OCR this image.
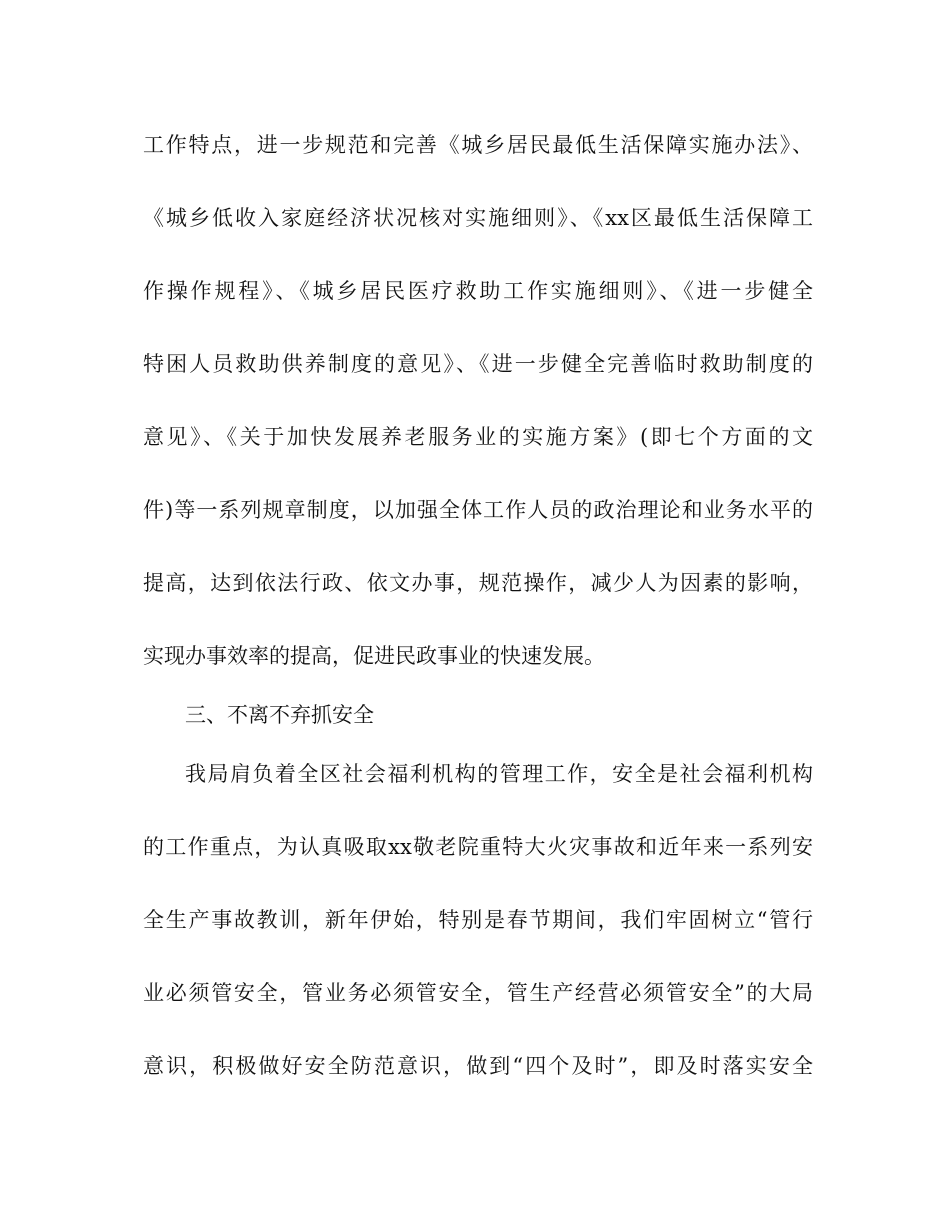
工作特点，进一步规范和完善《城乡居民最低生活保障实施办法》、
《城乡低收入家庭经济状况核对实施细则》、《xx区最低生活保障工
作操作规程》、《城乡居民医疗救助工作实施细则》、《进一步健全
特困人员救助供养制度的意见》、《进一步健全完善临时救助制度的
意见》、《关于加快发展养老服务业的实施方案》(即七个方面的文
件)等一系列规章制度，以加强全体工作人员的政治理论和业务水平的
提高，达到依法行政、依文办事，规范操作，减少人为因素的影响，
实现办事效率的提高，促进民政事业的快速发展。
三、不离不弃抓安全
我局肩负着全区社会福利机构的管理工作，安全是社会福利机构
的工作重点，为认真吸取xx敬老院重特大火灾事故和近年来一系列安
全生产事故教训，新年伊始，特别是春节期间，我们牢固树立“管行
业必须管安全，管业务必须管安全，管生产经营必须管安全”的大局
意识，积极做好安全防范意识，做到“四个及时”，即及时落实安全
